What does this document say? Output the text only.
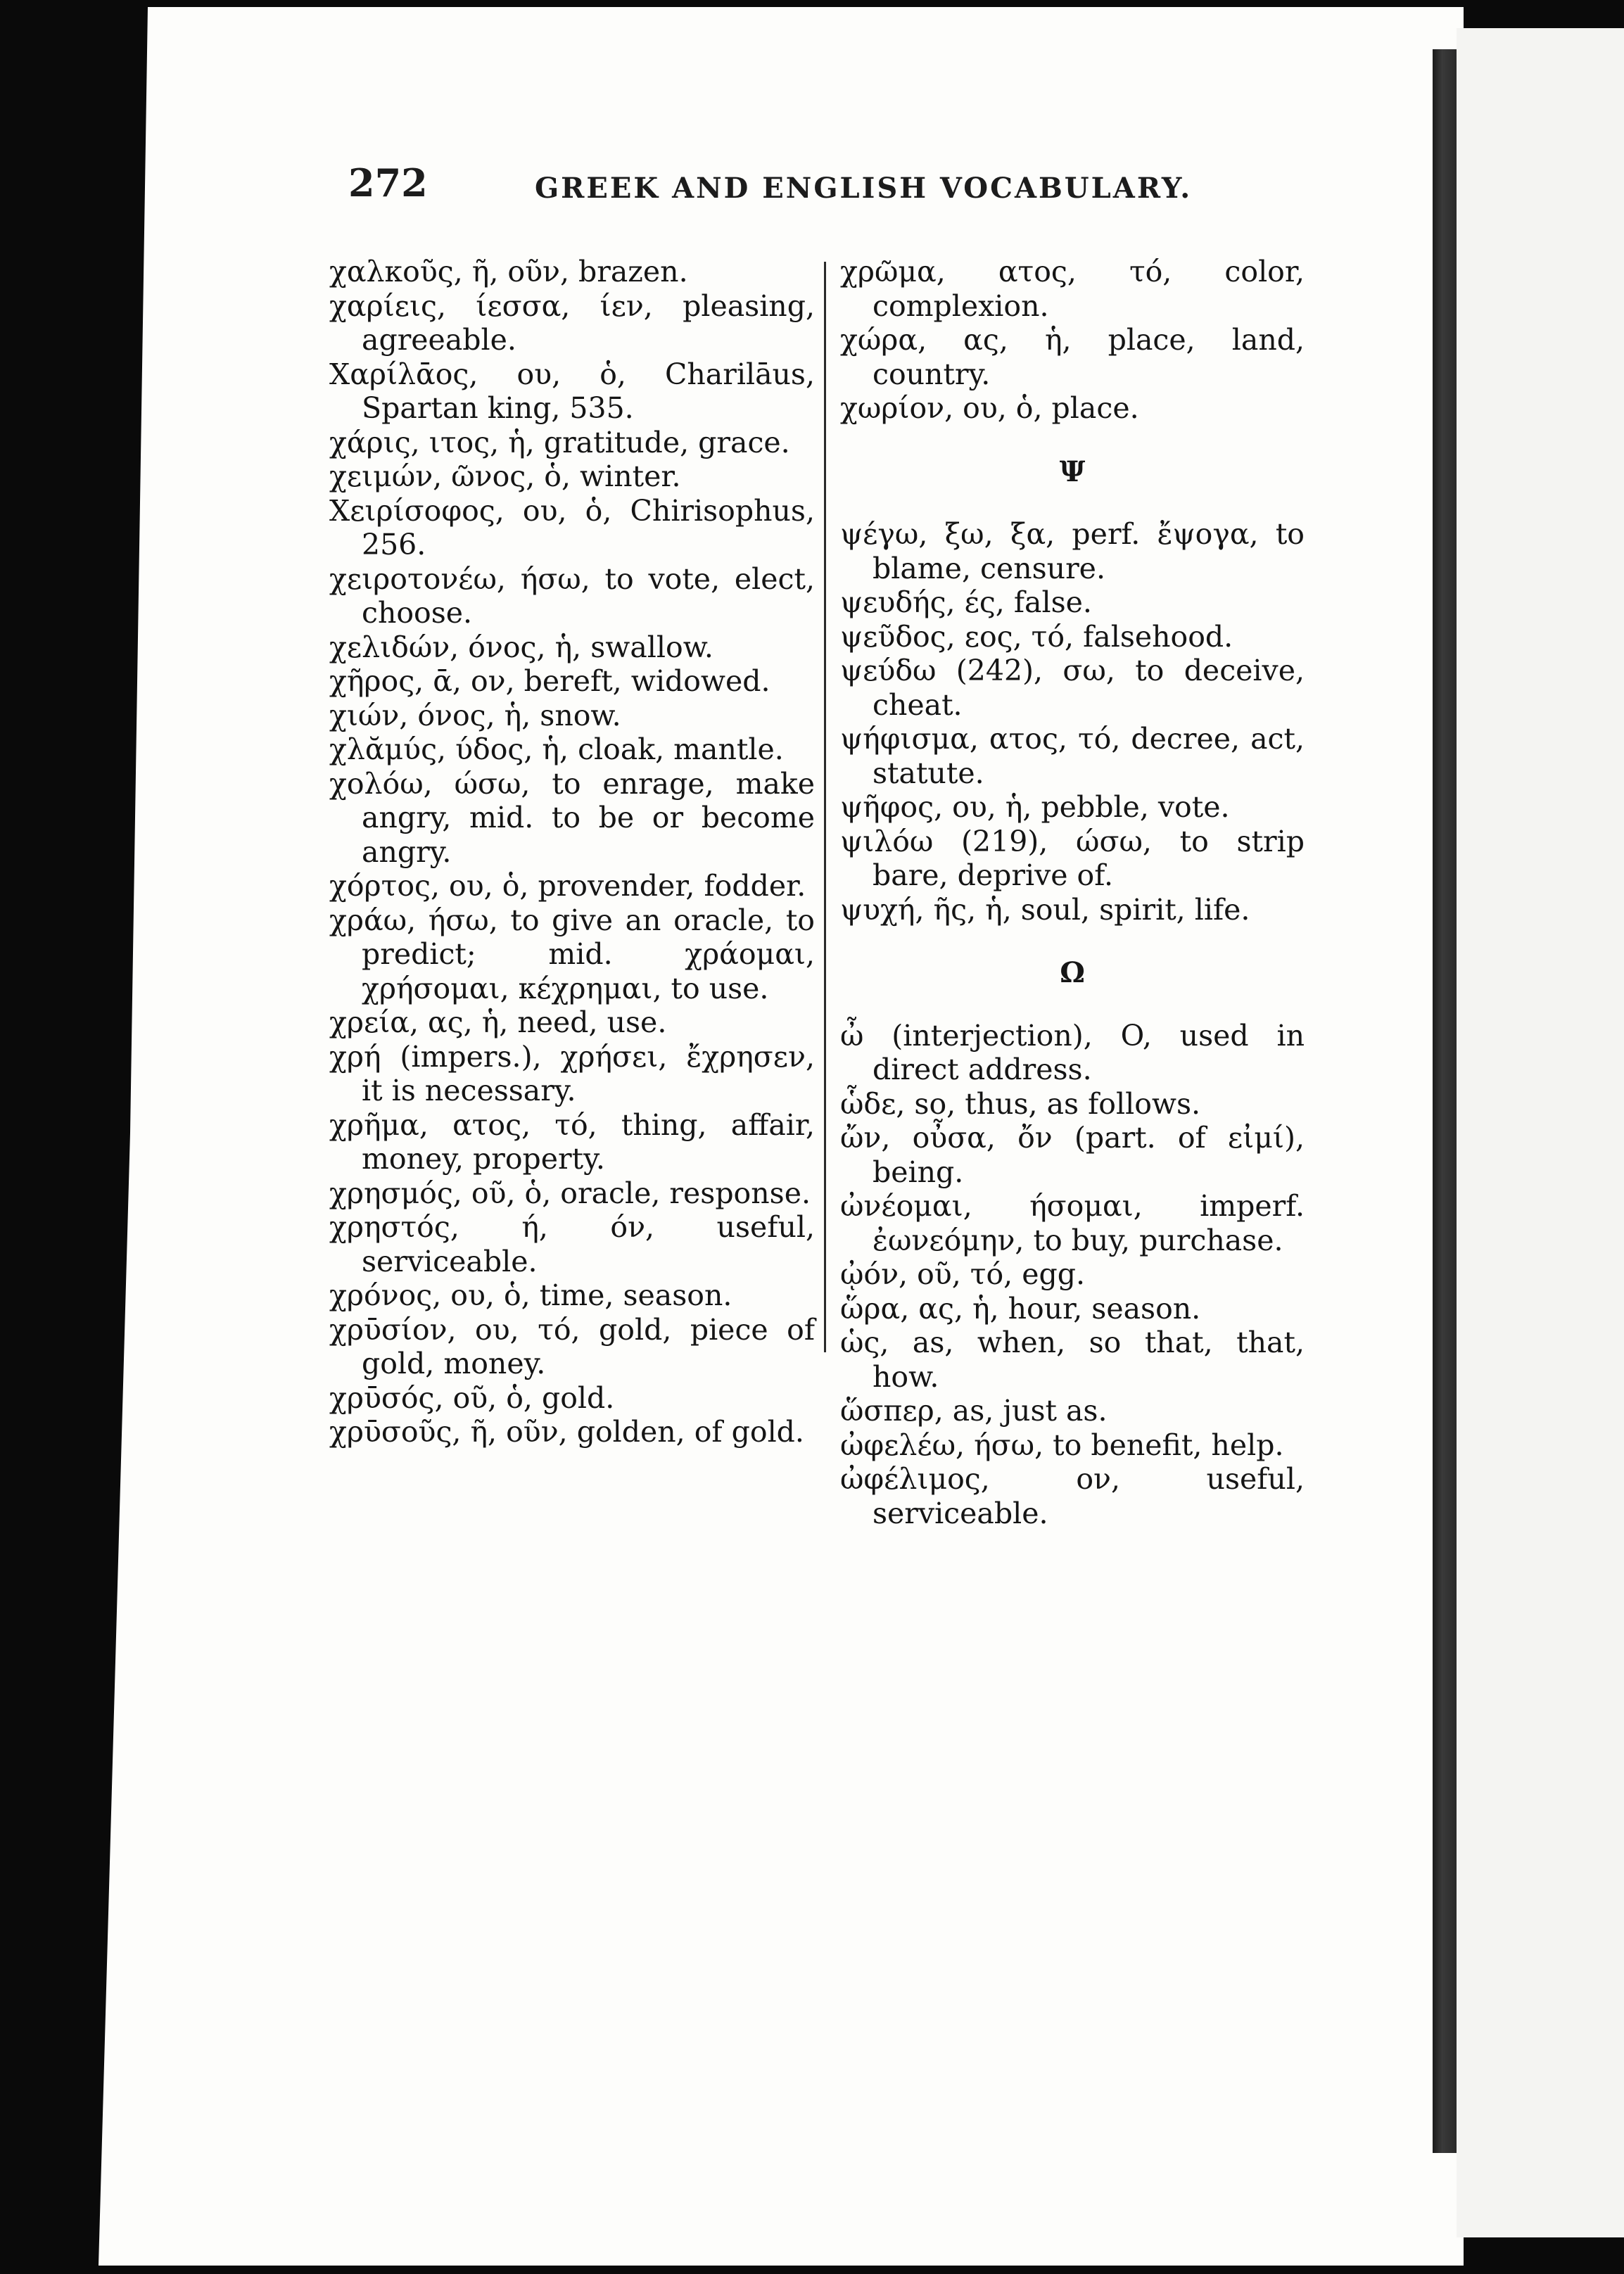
272	GREEK AND ENGLISH VOCABULARY.
χαλκοῦς, ῆ, οῦν, brazen.
χαρίεις, ίεσσα, ίεν, pleasing, agreeable.
Χαρίλᾱος, ου, ὁ, Charilāus, Spartan king, 535.
χάρις, ιτος, ἡ, gratitude, grace.
χειμών, ῶνος, ὁ, winter.
Χειρίσοφος, ου, ὁ, Chirisophus, 256.
χειροτονέω, ήσω, to vote, elect, choose.
χελιδών, όνος, ἡ, swallow.
χῆρος, ᾱ, ον, bereft, widowed.
χιών, όνος, ἡ, snow.
χλᾰμύς, ύδος, ἡ, cloak, mantle.
χολόω, ώσω, to enrage, make angry, mid. to be or become angry.
χόρτος, ου, ὁ, provender, fodder.
χράω, ήσω, to give an oracle, to predict; mid. χράομαι, χρήσομαι, κέχρημαι, to use.
χρεία, ας, ἡ, need, use.
χρή (impers.), χρήσει, ἔχρησεν, it is necessary.
χρῆμα, ατος, τό, thing, affair, money, property.
χρησμός, οῦ, ὁ, oracle, response.
χρηστός, ή, όν, useful, serviceable.
χρόνος, ου, ὁ, time, season.
χρῡσίον, ου, τό, gold, piece of gold, money.
χρῡσός, οῦ, ὁ, gold.
χρῡσοῦς, ῆ, οῦν, golden, of gold.
χρῶμα, ατος, τό, color, complexion.
χώρα, ας, ἡ, place, land, country.
χωρίον, ου, ὁ, place.
Ψ
ψέγω, ξω, ξα, perf. ἔψογα, to blame, censure.
ψευδής, ές, false.
ψεῦδος, εος, τό, falsehood.
ψεύδω (242), σω, to deceive, cheat.
ψήφισμα, ατος, τό, decree, act, statute.
ψῆφος, ου, ἡ, pebble, vote.
ψιλόω (219), ώσω, to strip bare, deprive of.
ψυχή, ῆς, ἡ, soul, spirit, life.
Ω
ὦ (interjection), O, used in direct address.
ὧδε, so, thus, as follows.
ὤν, οὖσα, ὄν (part. of εἰμί), being.
ὠνέομαι, ήσομαι, imperf. ἐωνεόμην, to buy, purchase.
ᾠόν, οῦ, τό, egg.
ὥρα, ας, ἡ, hour, season.
ὡς, as, when, so that, that, how.
ὥσπερ, as, just as.
ὠφελέω, ήσω, to benefit, help.
ὠφέλιμος, ον, useful, serviceable.
